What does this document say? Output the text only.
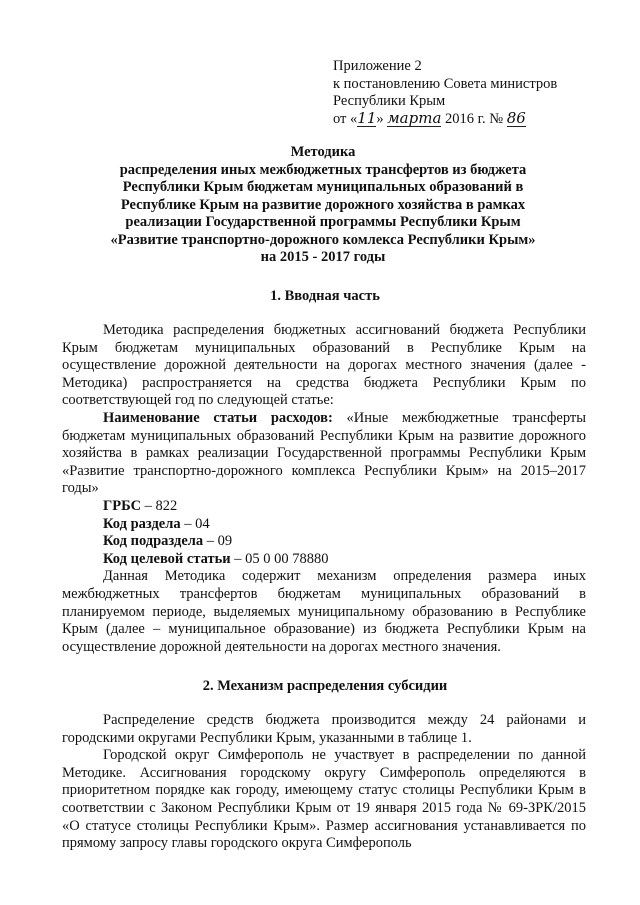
Приложение 2
к постановлению Совета министров
Республики Крым
от «11» марта 2016 г. № 86
Методика
распределения иных межбюджетных трансфертов из бюджета
Республики Крым бюджетам муниципальных образований в
Республике Крым на развитие дорожного хозяйства в рамках
реализации Государственной программы Республики Крым
«Развитие транспортно-дорожного комлекса Республики Крым»
на 2015 - 2017 годы
1. Вводная часть
Методика распределения бюджетных ассигнований бюджета Республики Крым бюджетам муниципальных образований в Республике Крым на осуществление дорожной деятельности на дорогах местного значения (далее - Методика) распространяется на средства бюджета Республики Крым по соответствующей год по следующей статье:
Наименование статьи расходов: «Иные межбюджетные трансферты бюджетам муниципальных образований Республики Крым на развитие дорожного хозяйства в рамках реализации Государственной программы Республики Крым «Развитие транспортно-дорожного комплекса Республики Крым» на 2015–2017 годы»
ГРБС – 822
Код раздела – 04
Код подраздела – 09
Код целевой статьи – 05 0 00 78880
Данная Методика содержит механизм определения размера иных межбюджетных трансфертов бюджетам муниципальных образований в планируемом периоде, выделяемых муниципальному образованию в Республике Крым (далее – муниципальное образование) из бюджета Республики Крым на осуществление дорожной деятельности на дорогах местного значения.
2. Механизм распределения субсидии
Распределение средств бюджета производится между 24 районами и городскими округами Республики Крым, указанными в таблице 1.
Городской округ Симферополь не участвует в распределении по данной Методике. Ассигнования городскому округу Симферополь определяются в приоритетном порядке как городу, имеющему статус столицы Республики Крым в соответствии с Законом Республики Крым от 19 января 2015 года № 69-ЗРК/2015 «О статусе столицы Республики Крым». Размер ассигнования устанавливается по прямому запросу главы городского округа Симферополь
